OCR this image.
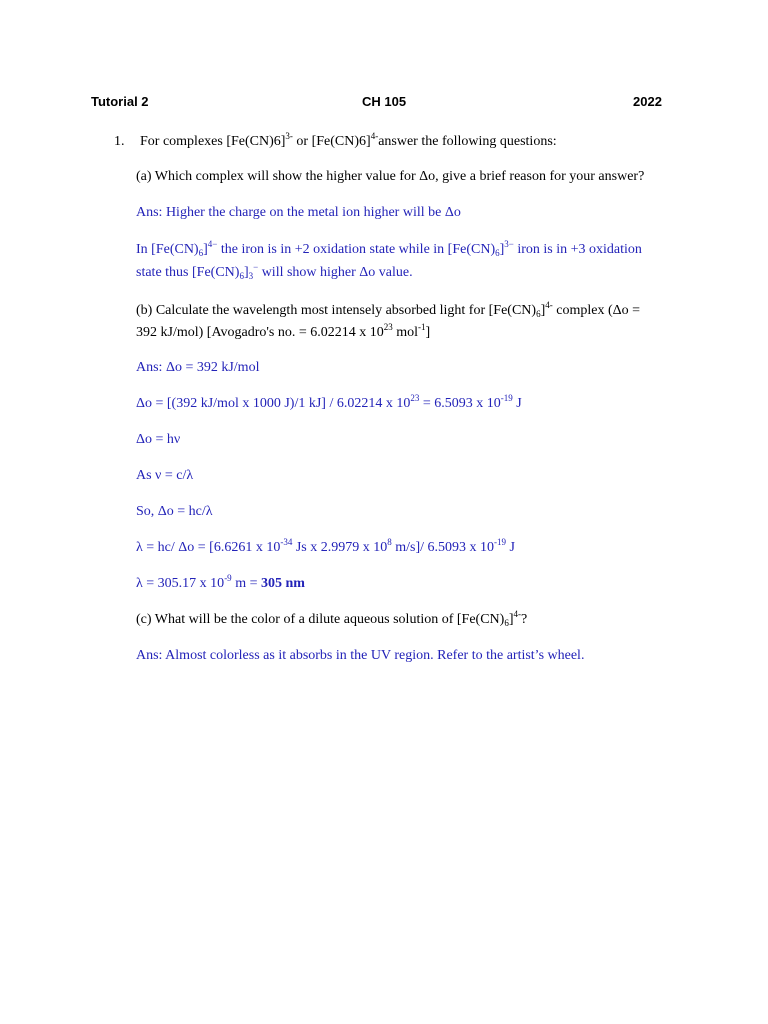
Tutorial 2	CH 105	2022
1. For complexes $[Fe(CN)6]^{3-}$ or $[Fe(CN)6]^{4-}answer$ the following questions:
(a) Which complex will show the higher value for Δo, give a brief reason for your answer?
Ans: Higher the charge on the metal ion higher will be Δo
In $[Fe(CN)_6]^{4-}$ the iron is in +2 oxidation state while in $[Fe(CN)_6]^{3-}$ iron is in +3 oxidation
state thus $[Fe(CN)_6]_3^-$ will show higher Δo value.
(b) Calculate the wavelength most intensely absorbed light for $[Fe(CN)_6]^{4-}$ complex (Δo =
392 kJ/mol) [Avogadro's no. = 6.02214 x $10^{23}$ mol$^{-1}$]
Ans: Δo = 392 kJ/mol
Δo = [(392 kJ/mol x 1000 J)/1 kJ] / 6.02214 x $10^{23} = 6.5093$ x $10^{-19}$ J
Δo = hν
As ν = c/λ
So, Δo = hc/λ
λ = hc/ Δo = [6.6261 x $10^{-34}$ Js x 2.9979 x $10^8$ m/s]/ 6.5093 x $10^{-19}$ J
λ = 305.17 x $10^{-9}$ m = 305 nm
(c) What will be the color of a dilute aqueous solution of $[Fe(CN)_6]^{4-}$?
Ans: Almost colorless as it absorbs in the UV region. Refer to the artist’s wheel.
